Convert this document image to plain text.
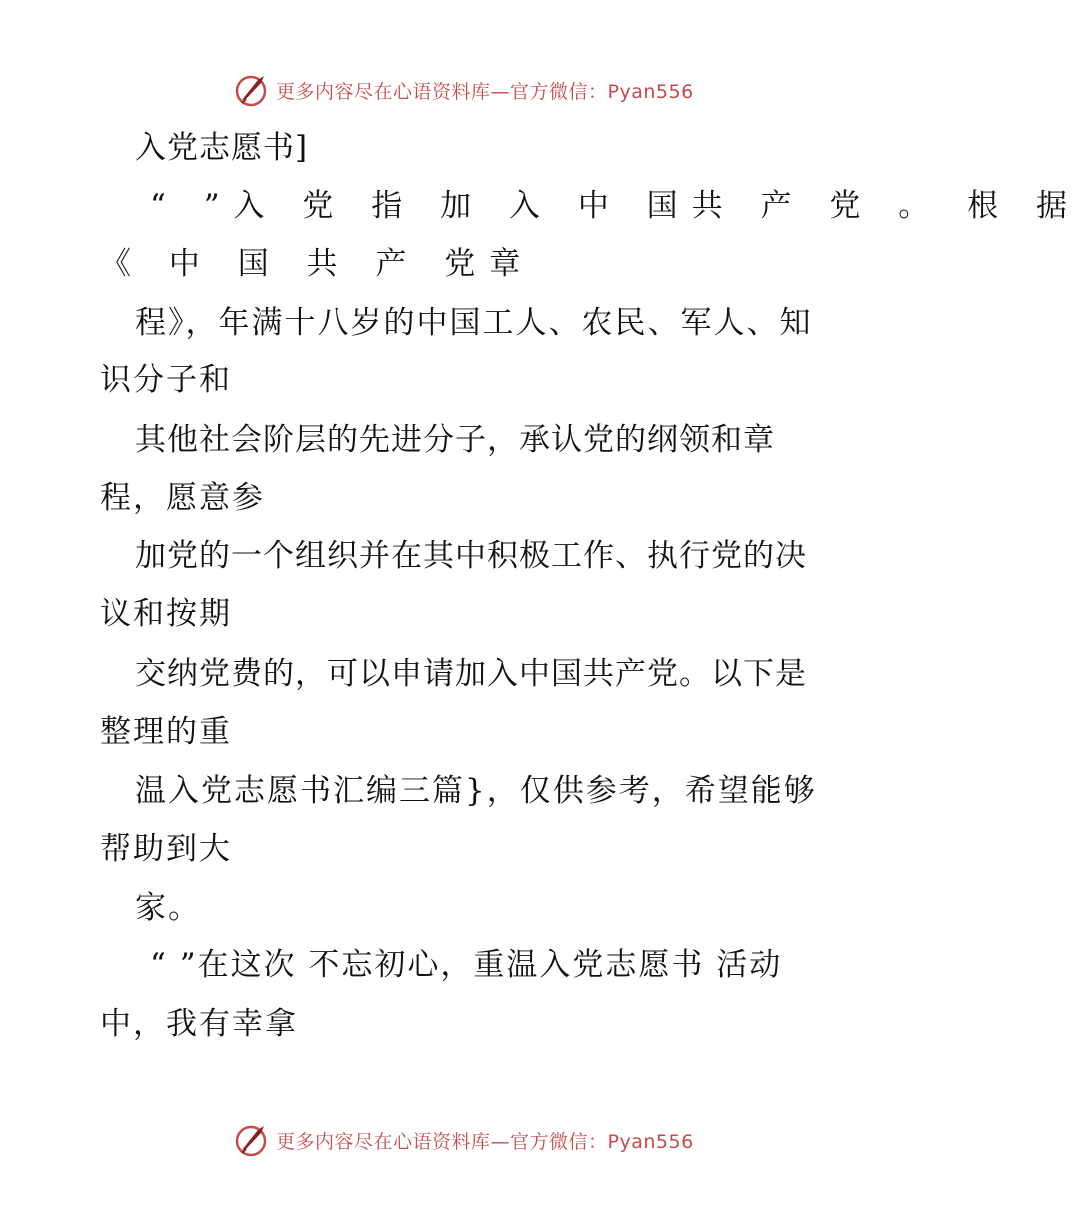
更多内容尽在心语资料库—官方微信：Pyan556
入党志愿书]
“ ”入 党 指 加 入 中 国共 产 党 。 根 据
《 中 国 共 产 党章
程》，年满十八岁的中国工人、农民、军人、知
识分子和
其他社会阶层的先进分子，承认党的纲领和章
程，愿意参
加党的一个组织并在其中积极工作、执行党的决
议和按期
交纳党费的，可以申请加入中国共产党。以下是
整理的重
温入党志愿书汇编三篇}，仅供参考，希望能够
帮助到大
家。
“ ”在这次 不忘初心，重温入党志愿书 活动
中，我有幸拿
更多内容尽在心语资料库—官方微信：Pyan556
